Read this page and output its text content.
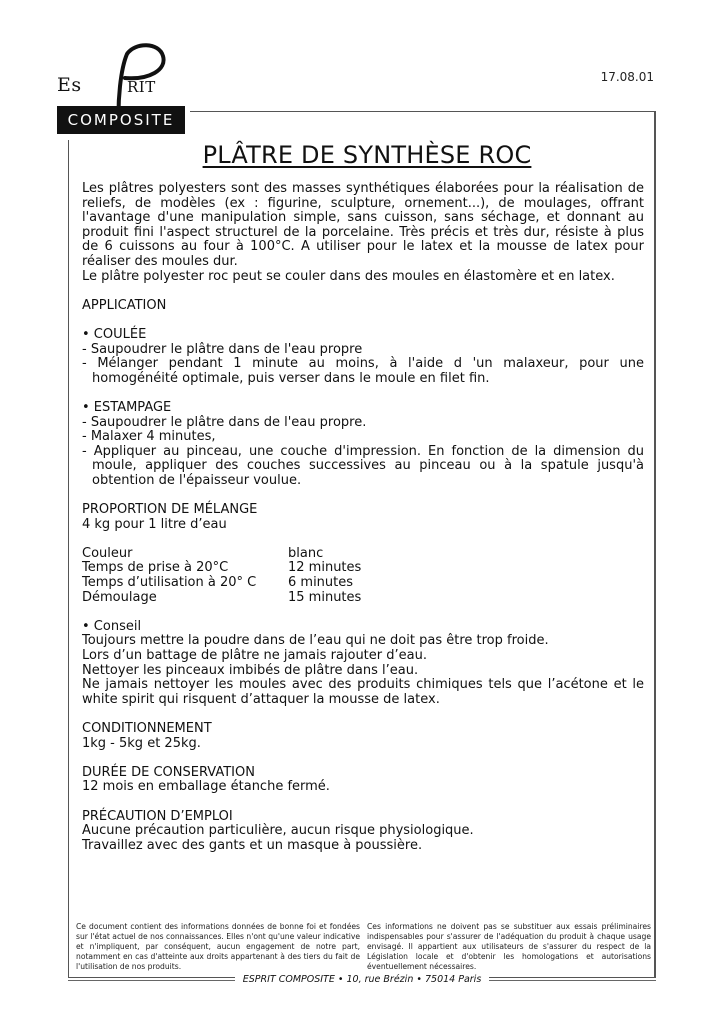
Es	RIT
COMPOSITE
17.08.01
PLÂTRE DE SYNTHÈSE ROC

Les plâtres polyesters sont des masses synthétiques élaborées pour la réalisation de reliefs, de modèles (ex : figurine, sculpture, ornement...), de moulages, offrant l'avantage d'une manipulation simple, sans cuisson, sans séchage, et donnant au produit fini l'aspect structurel de la porcelaine. Très précis et très dur, résiste à plus de 6 cuissons au four à 100°C. A utiliser pour le latex et la mousse de latex pour réaliser des moules dur.

Le plâtre polyester roc peut se couler dans des moules en élastomère et en latex.

APPLICATION

• COULÉE

- Saupoudrer le plâtre dans de l'eau propre

- Mélanger pendant 1 minute au moins, à l'aide d 'un malaxeur, pour une homogénéité optimale, puis verser dans le moule en filet fin.

• ESTAMPAGE

- Saupoudrer le plâtre dans de l'eau propre.

- Malaxer 4 minutes,

- Appliquer au pinceau, une couche d'impression. En fonction de la dimension du moule, appliquer des couches successives au pinceau ou à la spatule jusqu'à obtention de l'épaisseur voulue.

PROPORTION DE MÉLANGE

4 kg pour 1 litre d’eau

Couleur	blanc
Temps de prise à 20°C	12 minutes
Temps d’utilisation à 20° C	6 minutes
Démoulage	15 minutes

• Conseil

Toujours mettre la poudre dans de l’eau qui ne doit pas être trop froide.

Lors d’un battage de plâtre ne jamais rajouter d’eau.

Nettoyer les pinceaux imbibés de plâtre dans l’eau.

Ne jamais nettoyer les moules avec des produits chimiques tels que l’acétone et le white spirit qui risquent d’attaquer la mousse de latex.

CONDITIONNEMENT

1kg - 5kg et 25kg.

DURÉE DE CONSERVATION

12 mois en emballage étanche fermé.

PRÉCAUTION D’EMPLOI

Aucune précaution particulière, aucun risque physiologique.

Travaillez avec des gants et un masque à poussière.

Ce document contient des informations données de bonne foi et fondées sur l'état actuel de nos connaissances. Elles n'ont qu'une valeur indicative et n'impliquent, par conséquent, aucun engagement de notre part, notamment en cas d'atteinte aux droits appartenant à des tiers du fait de l'utilisation de nos produits.
Ces informations ne doivent pas se substituer aux essais préliminaires indispensables pour s'assurer de l'adéquation du produit à chaque usage envisagé. Il appartient aux utilisateurs de s'assurer du respect de la Législation locale et d'obtenir les homologations et autorisations éventuellement nécessaires.
ESPRIT COMPOSITE • 10, rue Brézin • 75014 Paris
